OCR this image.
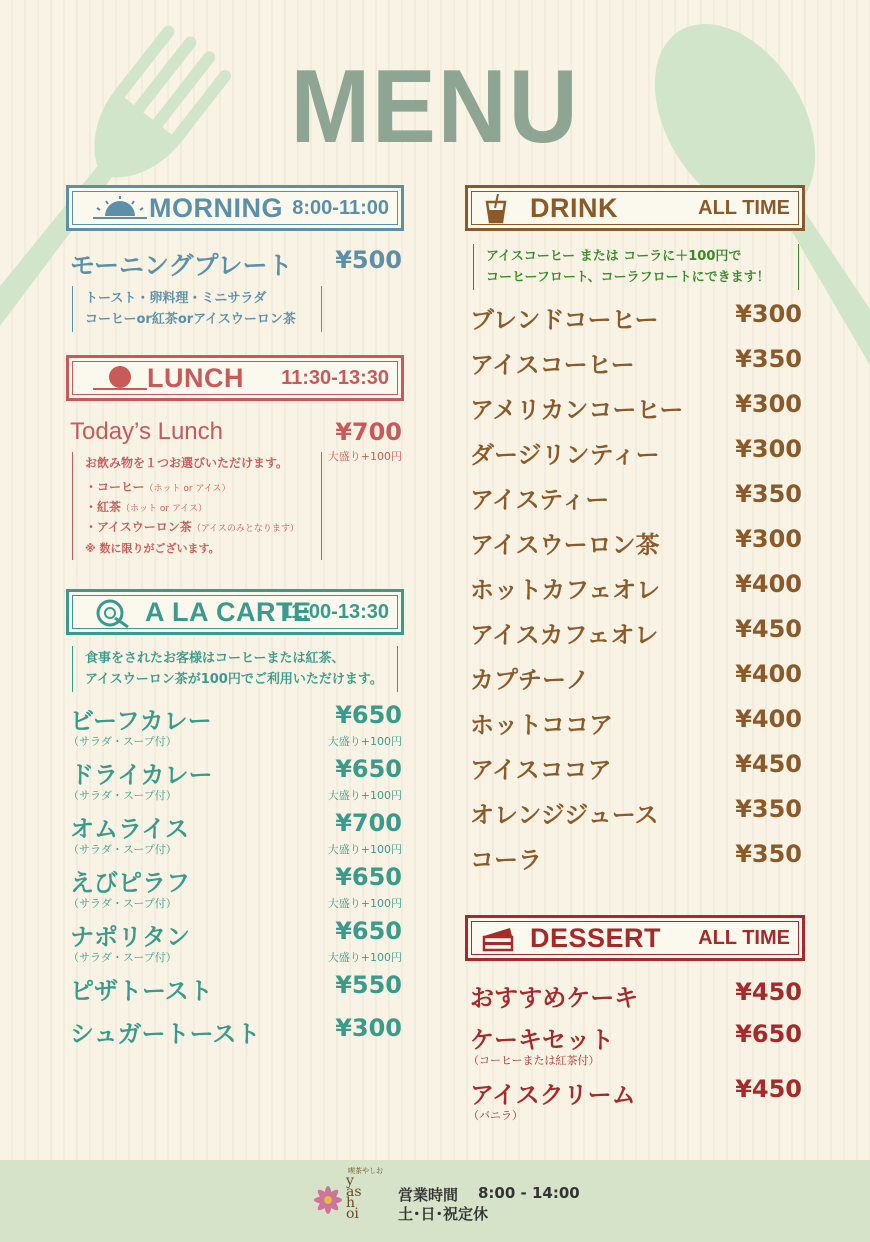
MENU
MORNING 8:00-11:00
モーニングプレート ¥500
トースト・卵料理・ミニサラダ
コーヒーor紅茶orアイスウーロン茶
LUNCH 11:30-13:30
Today’s Lunch	¥700
大盛り+100円
お飲み物を１つお選びいただけます。
・コーヒー（ホット or アイス）
・紅茶（ホット or アイス）
・アイスウーロン茶（アイスのみとなります）
※ 数に限りがございます。
A LA CARTE
11:00-13:30
食事をされたお客様はコーヒーまたは紅茶、
アイスウーロン茶が100円でご利用いただけます。
ビーフカレー	¥650
（サラダ・スープ付）	大盛り+100円
ドライカレー	¥650
（サラダ・スープ付）	大盛り+100円
オムライス	¥700
（サラダ・スープ付）	大盛り+100円
えびピラフ	¥650
（サラダ・スープ付）	大盛り+100円
ナポリタン	¥650
（サラダ・スープ付）	大盛り+100円
ピザトースト	¥550
シュガートースト	¥300
DRINK	ALL TIME
アイスコーヒー または コーラに＋100円で
コーヒーフロート、コーラフロートにできます！
ブレンドコーヒー	¥300
アイスコーヒー	¥350
アメリカンコーヒー ¥300
ダージリンティー	¥300
アイスティー	¥350
アイスウーロン茶	¥300
ホットカフェオレ	¥400
アイスカフェオレ	¥450
カプチーノ	¥400
ホットココア	¥400
アイスココア	¥450
オレンジジュース	¥350
コーラ	¥350
DESSERT ALL TIME
おすすめケーキ	¥450
ケーキセット	¥650
（コーヒーまたは紅茶付）
アイスクリーム	¥450
（バニラ）
喫茶やしお
yashoi
営業時間 8:00 - 14:00
土･日･祝定休
